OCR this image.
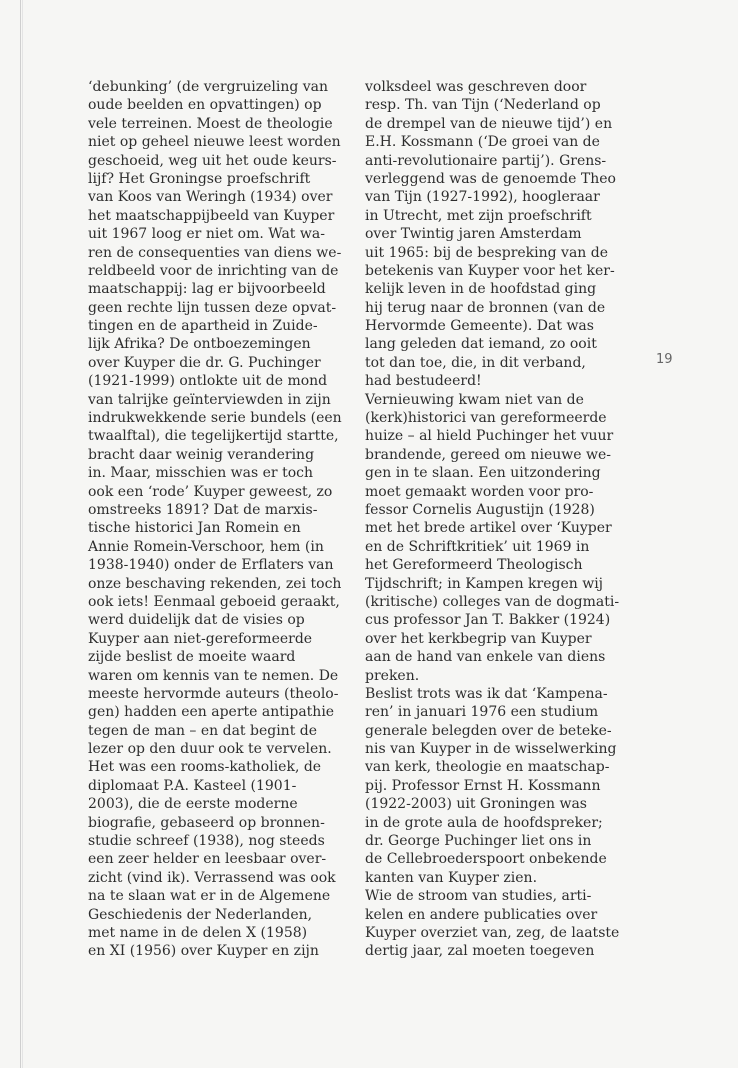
‘debunking’ (de vergruizeling van
oude beelden en opvattingen) op
vele terreinen. Moest de theologie
niet op geheel nieuwe leest worden
geschoeid, weg uit het oude keurs-
lijf? Het Groningse proefschrift
van Koos van Weringh (1934) over
het maatschappijbeeld van Kuyper
uit 1967 loog er niet om. Wat wa-
ren de consequenties van diens we-
reldbeeld voor de inrichting van de
maatschappij: lag er bijvoorbeeld
geen rechte lijn tussen deze opvat-
tingen en de apartheid in Zuide-
lijk Afrika? De ontboezemingen
over Kuyper die dr. G. Puchinger
(1921-1999) ontlokte uit de mond
van talrijke geïnterviewden in zijn
indrukwekkende serie bundels (een
twaalftal), die tegelijkertijd startte,
bracht daar weinig verandering
in. Maar, misschien was er toch
ook een ‘rode’ Kuyper geweest, zo
omstreeks 1891? Dat de marxis-
tische historici Jan Romein en
Annie Romein-Verschoor, hem (in
1938-1940) onder de Erflaters van
onze beschaving rekenden, zei toch
ook iets! Eenmaal geboeid geraakt,
werd duidelijk dat de visies op
Kuyper aan niet-gereformeerde
zijde beslist de moeite waard
waren om kennis van te nemen. De
meeste hervormde auteurs (theolo-
gen) hadden een aperte antipathie
tegen de man – en dat begint de
lezer op den duur ook te vervelen.
Het was een rooms-katholiek, de
diplomaat P.A. Kasteel (1901-
2003), die de eerste moderne
biografie, gebaseerd op bronnen-
studie schreef (1938), nog steeds
een zeer helder en leesbaar over-
zicht (vind ik). Verrassend was ook
na te slaan wat er in de Algemene
Geschiedenis der Nederlanden,
met name in de delen X (1958)
en XI (1956) over Kuyper en zijn
volksdeel was geschreven door
resp. Th. van Tijn (‘Nederland op
de drempel van de nieuwe tijd’) en
E.H. Kossmann (‘De groei van de
anti-revolutionaire partij’). Grens-
verleggend was de genoemde Theo
van Tijn (1927-1992), hoogleraar
in Utrecht, met zijn proefschrift
over Twintig jaren Amsterdam
uit 1965: bij de bespreking van de
betekenis van Kuyper voor het ker-
kelijk leven in de hoofdstad ging
hij terug naar de bronnen (van de
Hervormde Gemeente). Dat was
lang geleden dat iemand, zo ooit
tot dan toe, die, in dit verband,
had bestudeerd!
Vernieuwing kwam niet van de
(kerk)historici van gereformeerde
huize – al hield Puchinger het vuur
brandende, gereed om nieuwe we-
gen in te slaan. Een uitzondering
moet gemaakt worden voor pro-
fessor Cornelis Augustijn (1928)
met het brede artikel over ‘Kuyper
en de Schriftkritiek’ uit 1969 in
het Gereformeerd Theologisch
Tijdschrift; in Kampen kregen wij
(kritische) colleges van de dogmati-
cus professor Jan T. Bakker (1924)
over het kerkbegrip van Kuyper
aan de hand van enkele van diens
preken.
Beslist trots was ik dat ‘Kampena-
ren’ in januari 1976 een studium
generale belegden over de beteke-
nis van Kuyper in de wisselwerking
van kerk, theologie en maatschap-
pij. Professor Ernst H. Kossmann
(1922-2003) uit Groningen was
in de grote aula de hoofdspreker;
dr. George Puchinger liet ons in
de Cellebroederspoort onbekende
kanten van Kuyper zien.
Wie de stroom van studies, arti-
kelen en andere publicaties over
Kuyper overziet van, zeg, de laatste
dertig jaar, zal moeten toegeven
19
